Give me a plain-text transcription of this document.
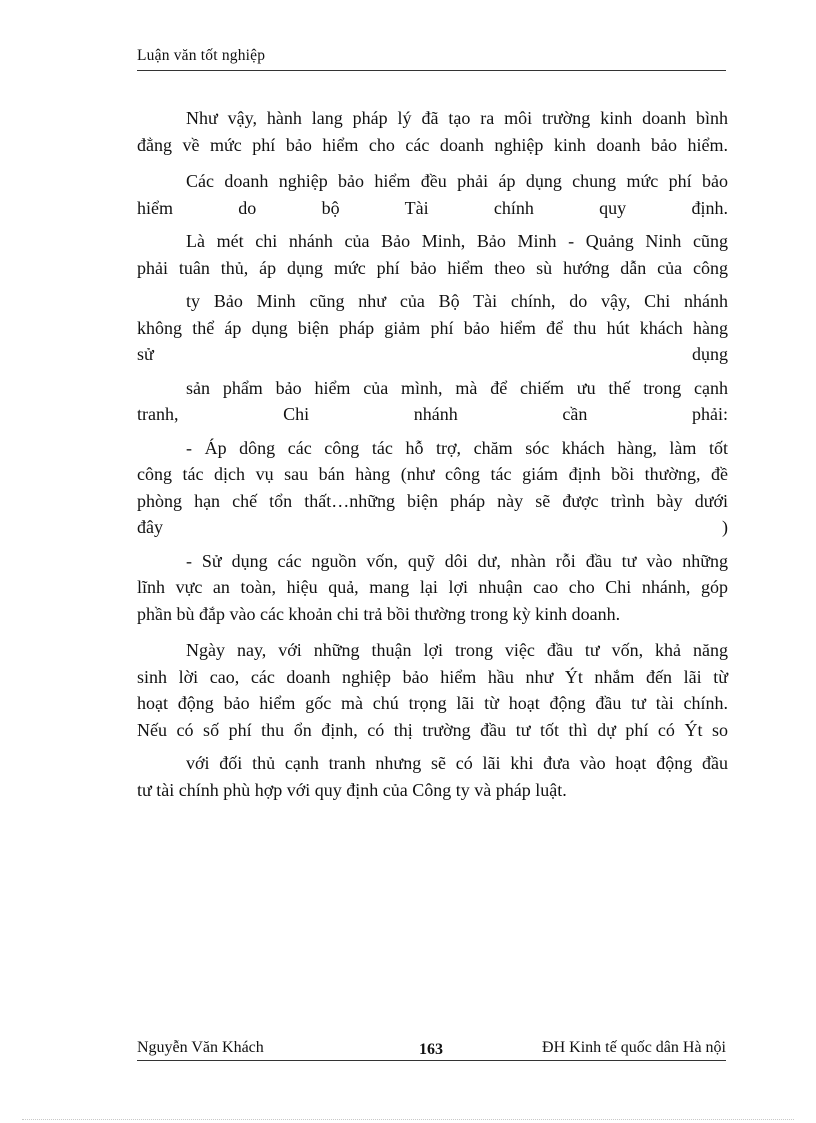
Luận văn tốt nghiệp
Như vậy, hành lang pháp lý đã tạo ra môi trường kinh doanh bình
đẳng về mức phí bảo hiểm cho các doanh nghiệp kinh doanh bảo hiểm.
Các doanh nghiệp bảo hiểm đều phải áp dụng chung mức phí bảo
hiểm do bộ Tài chính quy định.
Là mét chi nhánh của Bảo Minh, Bảo Minh - Quảng Ninh cũng
phải tuân thủ, áp dụng mức phí bảo hiểm theo sù hướng dẫn của công
ty Bảo Minh cũng như của Bộ Tài chính, do vậy, Chi nhánh
không thể áp dụng biện pháp giảm phí bảo hiểm để thu hút khách hàng
sử dụng
sản phẩm bảo hiểm của mình, mà để chiếm ưu thế trong cạnh
tranh, Chi nhánh cần phải:
- Áp dông các công tác hỗ trợ, chăm sóc khách hàng, làm tốt
công tác dịch vụ sau bán hàng (như công tác giám định bồi thường, đề
phòng hạn chế tổn thất…những biện pháp này sẽ được trình bày dưới
đây )
- Sử dụng các nguồn vốn, quỹ dôi dư, nhàn rỗi đầu tư vào những
lĩnh vực an toàn, hiệu quả, mang lại lợi nhuận cao cho Chi nhánh, góp
phần bù đắp vào các khoản chi trả bồi thường trong kỳ kinh doanh.
Ngày nay, với những thuận lợi trong việc đầu tư vốn, khả năng
sinh lời cao, các doanh nghiệp bảo hiểm hầu như Ýt nhắm đến lãi từ
hoạt động bảo hiểm gốc mà chú trọng lãi từ hoạt động đầu tư tài chính.
Nếu có số phí thu ổn định, có thị trường đầu tư tốt thì dự phí có Ýt so
với đối thủ cạnh tranh nhưng sẽ có lãi khi đưa vào hoạt động đầu
tư tài chính phù hợp với quy định của Công ty và pháp luật.
Nguyễn Văn Khách	163	ĐH Kinh tế quốc dân Hà nội
